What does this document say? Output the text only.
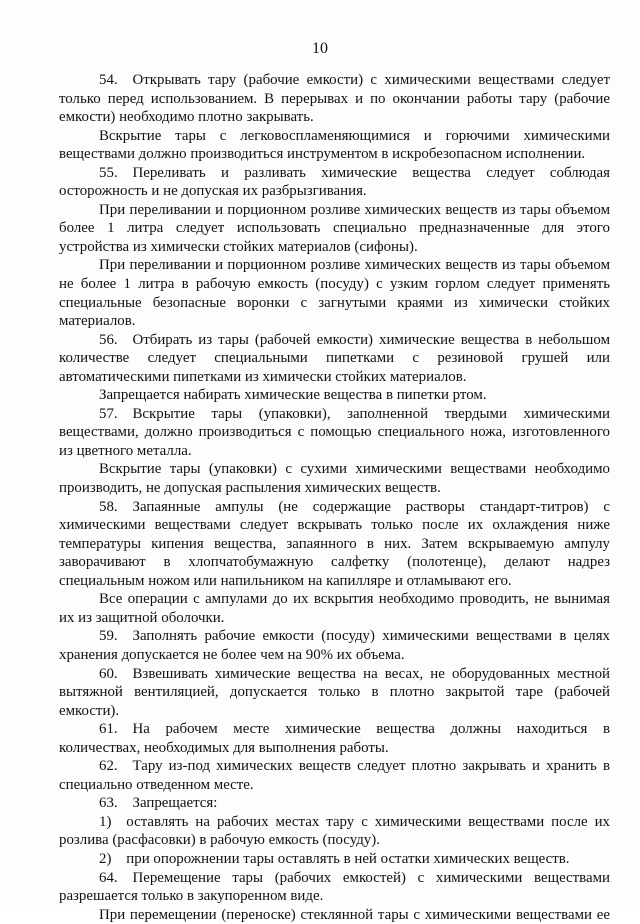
10

54. Открывать тару (рабочие емкости) с химическими веществами следует только перед использованием. В перерывах и по окончании работы тару (рабочие емкости) необходимо плотно закрывать.

Вскрытие тары с легковоспламеняющимися и горючими химическими веществами должно производиться инструментом в искробезопасном исполнении.

55. Переливать и разливать химические вещества следует соблюдая осторожность и не допуская их разбрызгивания.

При переливании и порционном розливе химических веществ из тары объемом более 1 литра следует использовать специально предназначенные для этого устройства из химически стойких материалов (сифоны).

При переливании и порционном розливе химических веществ из тары объемом не более 1 литра в рабочую емкость (посуду) с узким горлом следует применять специальные безопасные воронки с загнутыми краями из химически стойких материалов.

56. Отбирать из тары (рабочей емкости) химические вещества в небольшом количестве следует специальными пипетками с резиновой грушей или автоматическими пипетками из химически стойких материалов.

Запрещается набирать химические вещества в пипетки ртом.

57. Вскрытие тары (упаковки), заполненной твердыми химическими веществами, должно производиться с помощью специального ножа, изготовленного из цветного металла.

Вскрытие тары (упаковки) с сухими химическими веществами необходимо производить, не допуская распыления химических веществ.

58. Запаянные ампулы (не содержащие растворы стандарт-титров) с химическими веществами следует вскрывать только после их охлаждения ниже температуры кипения вещества, запаянного в них. Затем вскрываемую ампулу заворачивают в хлопчатобумажную салфетку (полотенце), делают надрез специальным ножом или напильником на капилляре и отламывают его.

Все операции с ампулами до их вскрытия необходимо проводить, не вынимая их из защитной оболочки.

59. Заполнять рабочие емкости (посуду) химическими веществами в целях хранения допускается не более чем на 90% их объема.

60. Взвешивать химические вещества на весах, не оборудованных местной вытяжной вентиляцией, допускается только в плотно закрытой таре (рабочей емкости).

61. На рабочем месте химические вещества должны находиться в количествах, необходимых для выполнения работы.

62. Тару из-под химических веществ следует плотно закрывать и хранить в специально отведенном месте.

63. Запрещается:

1) оставлять на рабочих местах тару с химическими веществами после их розлива (расфасовки) в рабочую емкость (посуду).

2) при опорожнении тары оставлять в ней остатки химических веществ.

64. Перемещение тары (рабочих емкостей) с химическими веществами разрешается только в закупоренном виде.

При перемещении (переноске) стеклянной тары с химическими веществами ее
